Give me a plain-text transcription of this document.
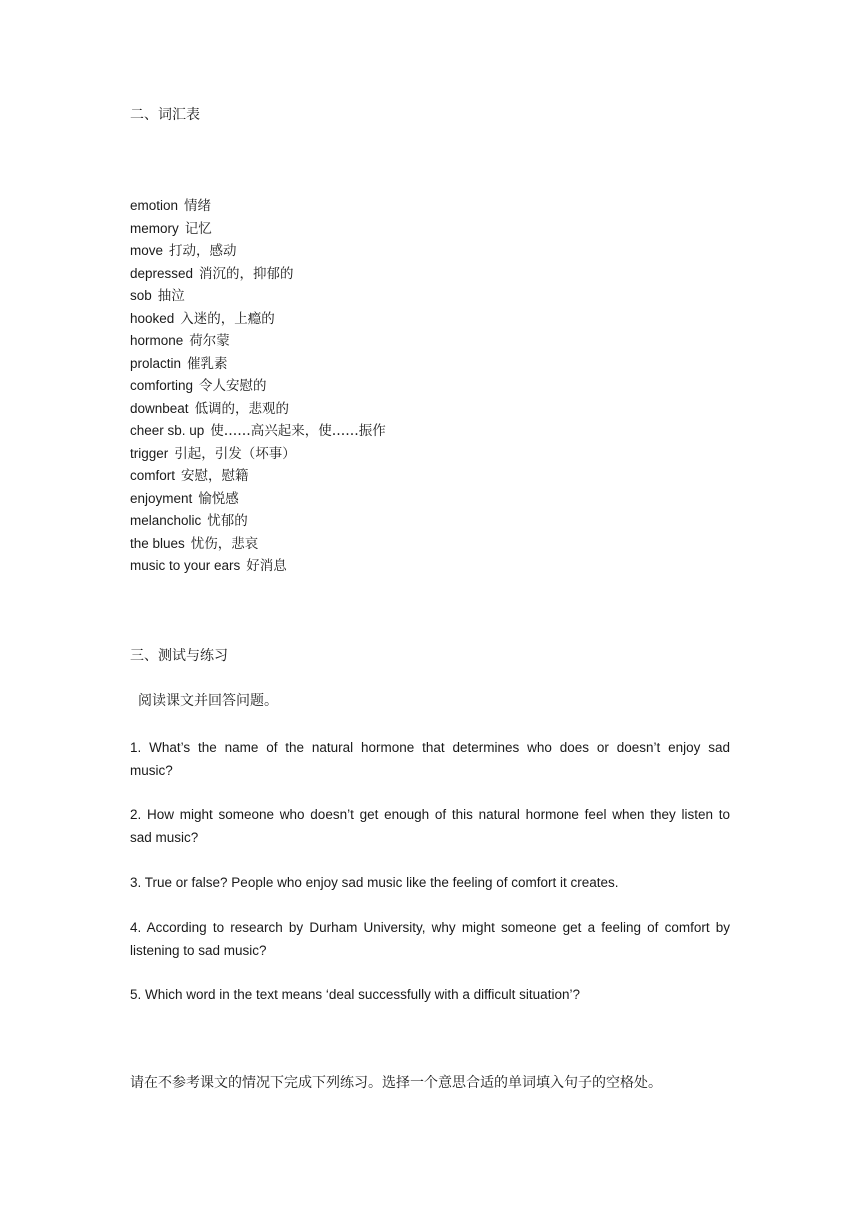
二、词汇表
emotion 情绪
memory 记忆
move 打动，感动
depressed 消沉的，抑郁的
sob 抽泣
hooked 入迷的，上瘾的
hormone 荷尔蒙
prolactin 催乳素
comforting 令人安慰的
downbeat 低调的，悲观的
cheer sb. up 使……高兴起来，使……振作
trigger 引起，引发（坏事）
comfort 安慰，慰籍
enjoyment 愉悦感
melancholic 忧郁的
the blues 忧伤，悲哀
music to your ears 好消息
三、测试与练习
阅读课文并回答问题。
1. What’s the name of the natural hormone that determines who does or doesn’t enjoy sad
music?
2. How might someone who doesn’t get enough of this natural hormone feel when they listen to
sad music?
3. True or false? People who enjoy sad music like the feeling of comfort it creates.
4. According to research by Durham University, why might someone get a feeling of comfort by
listening to sad music?
5. Which word in the text means ‘deal successfully with a difficult situation’?
请在不参考课文的情况下完成下列练习。选择一个意思合适的单词填入句子的空格处。
